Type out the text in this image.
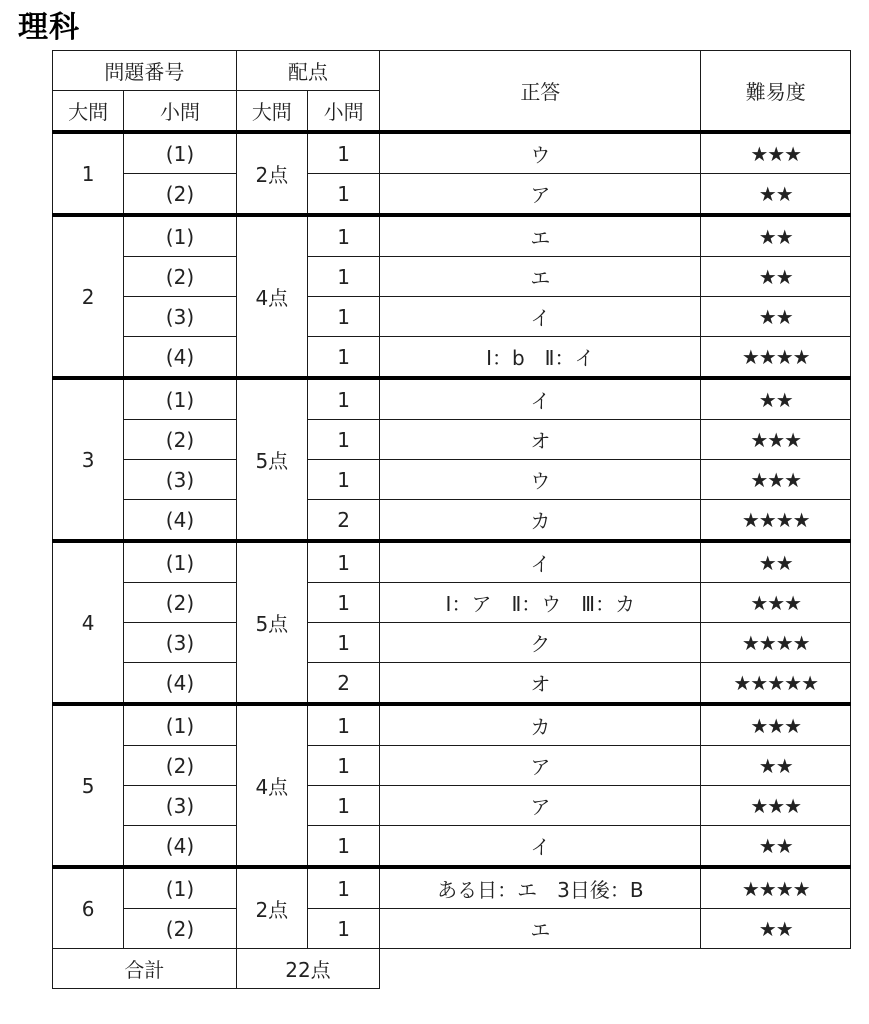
理科
問題番号		配点		正答	難易度
大問	小問	大問	小問		
1	(1)	2点	1	ウ	★★★
	(2)		1	ア	★★
2	(1)	4点	1	エ	★★
	(2)		1	エ	★★
	(3)		1	イ	★★
	(4)		1	Ⅰ：b　Ⅱ：イ	★★★★
3	(1)	5点	1	イ	★★
	(2)		1	オ	★★★
	(3)		1	ウ	★★★
	(4)		2	カ	★★★★
4	(1)	5点	1	イ	★★
	(2)		1	Ⅰ：ア　Ⅱ：ウ　Ⅲ：カ	★★★
	(3)		1	ク	★★★★
	(4)		2	オ	★★★★★
5	(1)	4点	1	カ	★★★
	(2)		1	ア	★★
	(3)		1	ア	★★★
	(4)		1	イ	★★
6	(1)	2点	1	ある日：エ　3日後：B	★★★★
	(2)		1	エ	★★
合計		22点			
